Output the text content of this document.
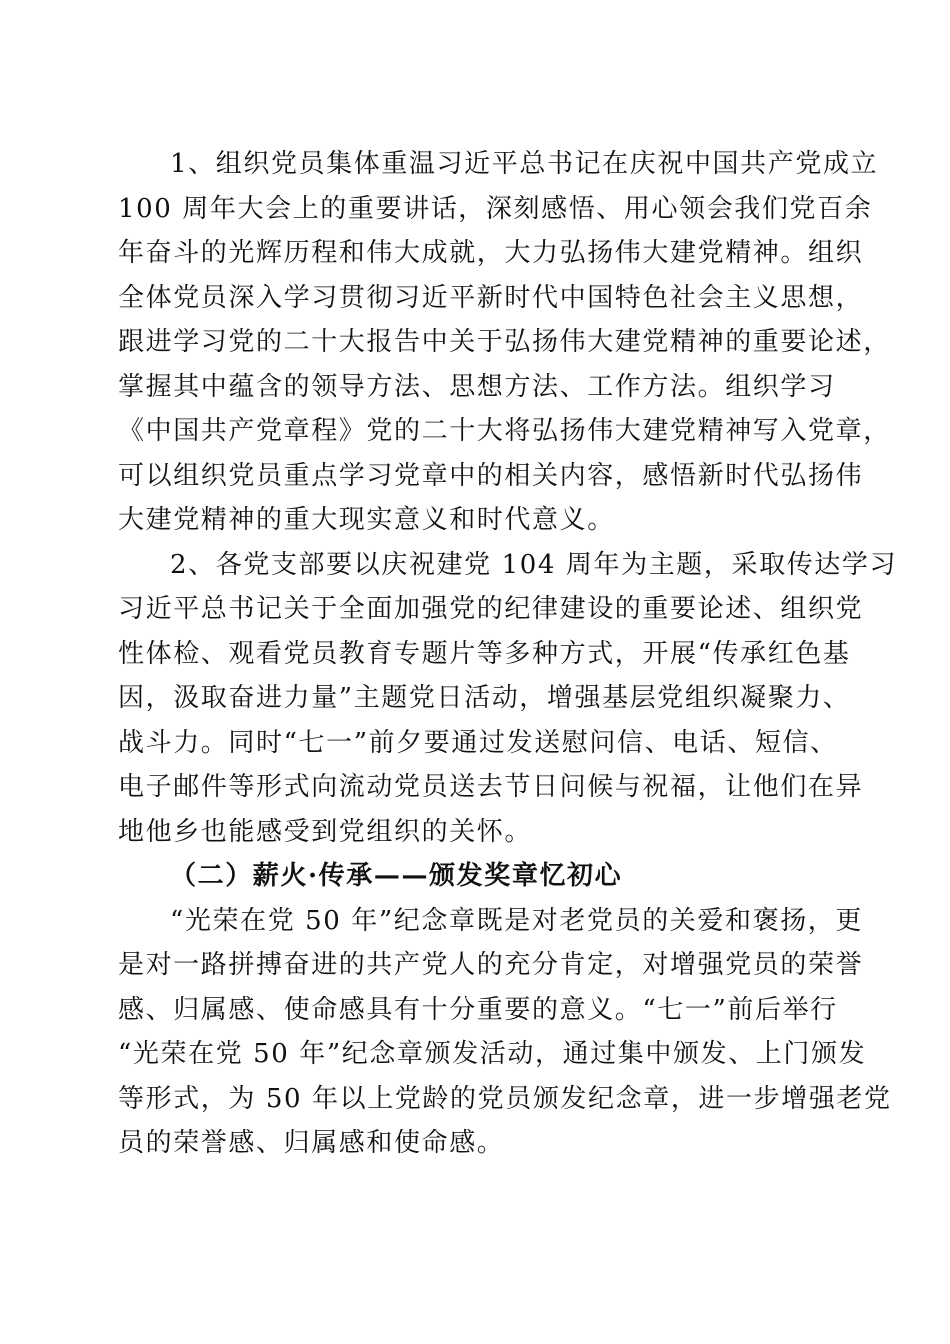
1、组织党员集体重温习近平总书记在庆祝中国共产党成立
100 周年大会上的重要讲话，深刻感悟、用心领会我们党百余
年奋斗的光辉历程和伟大成就，大力弘扬伟大建党精神。组织
全体党员深入学习贯彻习近平新时代中国特色社会主义思想，
跟进学习党的二十大报告中关于弘扬伟大建党精神的重要论述，
掌握其中蕴含的领导方法、思想方法、工作方法。组织学习
《中国共产党章程》党的二十大将弘扬伟大建党精神写入党章，
可以组织党员重点学习党章中的相关内容，感悟新时代弘扬伟
大建党精神的重大现实意义和时代意义。
2、各党支部要以庆祝建党 104 周年为主题，采取传达学习
习近平总书记关于全面加强党的纪律建设的重要论述、组织党
性体检、观看党员教育专题片等多种方式，开展“传承红色基
因，汲取奋进力量”主题党日活动，增强基层党组织凝聚力、
战斗力。同时“七一”前夕要通过发送慰问信、电话、短信、
电子邮件等形式向流动党员送去节日问候与祝福，让他们在异
地他乡也能感受到党组织的关怀。
（二）薪火·传承——颁发奖章忆初心
“光荣在党 50 年”纪念章既是对老党员的关爱和褒扬，更
是对一路拼搏奋进的共产党人的充分肯定，对增强党员的荣誉
感、归属感、使命感具有十分重要的意义。“七一”前后举行
“光荣在党 50 年”纪念章颁发活动，通过集中颁发、上门颁发
等形式，为 50 年以上党龄的党员颁发纪念章，进一步增强老党
员的荣誉感、归属感和使命感。
